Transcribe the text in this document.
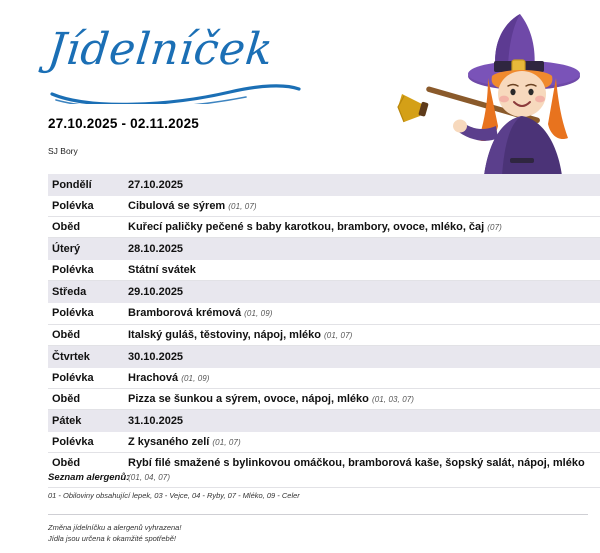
Jídelníček
27.10.2025 - 02.11.2025
SJ Bory
Pondělí	27.10.2025
Polévka	Cibulová se sýrem (01, 07)
Oběd	Kuřecí paličky pečené s baby karotkou, brambory, ovoce, mléko, čaj (07)
Úterý	28.10.2025
Polévka	Státní svátek
Středa	29.10.2025
Polévka	Bramborová krémová (01, 09)
Oběd	Italský guláš, těstoviny, nápoj, mléko (01, 07)
Čtvrtek	30.10.2025
Polévka	Hrachová (01, 09)
Oběd	Pizza se šunkou a sýrem, ovoce, nápoj, mléko (01, 03, 07)
Pátek	31.10.2025
Polévka	Z kysaného zelí (01, 07)
Oběd	Rybí filé smažené s bylinkovou omáčkou, bramborová kaše, šopský salát, nápoj, mléko (01, 04, 07)
Seznam alergenů:
01 - Obiloviny obsahující lepek, 03 - Vejce, 04 - Ryby, 07 - Mléko, 09 - Celer
Změna jídelníčku a alergenů vyhrazena!
Jídla jsou určena k okamžité spotřebě!
